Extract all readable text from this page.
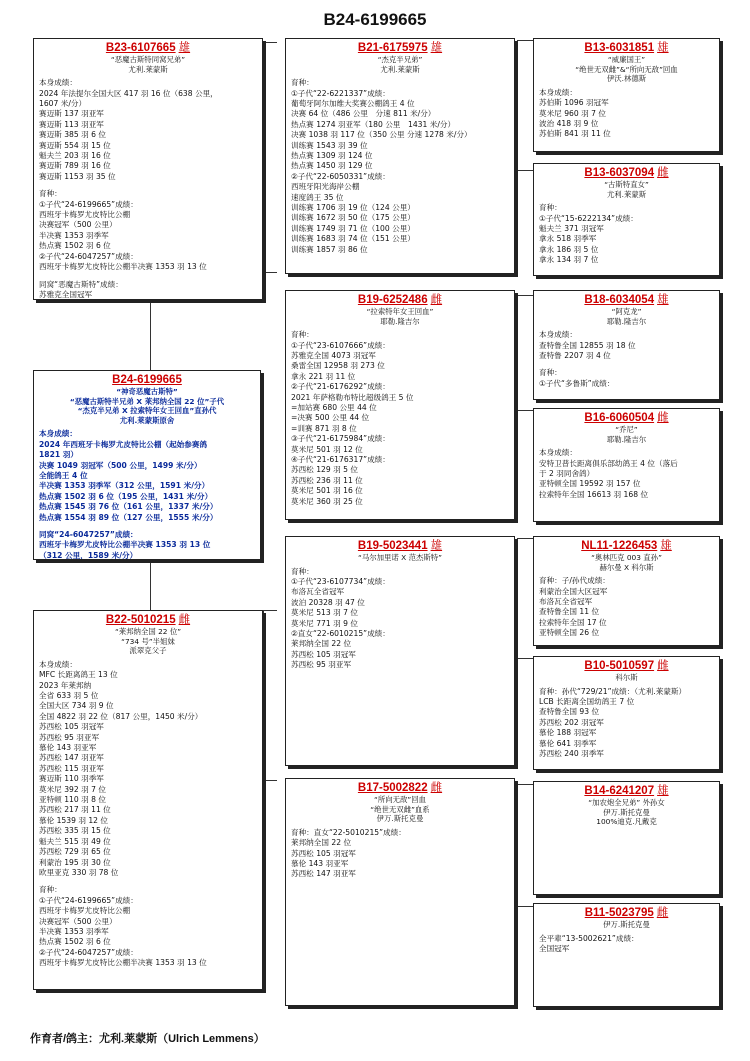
B24-6199665
B23-6107665 雄
“恶魔古斯特同窝兄弟”
尤利.莱蒙斯
本身成绩：
2024 年法提尔全国大区 417 羽 16 位（638 公里，
1607 米/分）
赛迈斯 137 羽亚军
赛迈斯 113 羽亚军
赛迈斯 385 羽 6 位
赛迈斯 554 羽 15 位
魁夫兰 203 羽 16 位
赛迈斯 789 羽 16 位
赛迈斯 1153 羽 35 位
育种：
①子代“24-6199665”成绩：
西班牙卡梅罗尤皮特比公棚
决赛冠军（500 公里）
半决赛 1353 羽季军
热点赛 1502 羽 6 位
②子代“24-6047257”成绩：
西班牙卡梅罗尤皮特比公棚半决赛 1353 羽 13 位
同窝“恶魔古斯特”成绩：
苏雅克全国冠军
B24-6199665
“神奇恶魔古斯特”
“恶魔古斯特半兄弟 X 莱邦纳全国 22 位”子代
“杰克半兄弟 X 拉索特年女王回血”直孙代
尤利.莱蒙斯原舍
本身成绩：
2024 年西班牙卡梅罗尤皮特比公棚（起始参赛鸽
1821 羽）
决赛 1049 羽冠军（500 公里，1499 米/分）
全能鸽王 4 位
半决赛 1353 羽季军（312 公里，1591 米/分）
热点赛 1502 羽 6 位（195 公里，1431 米/分）
热点赛 1545 羽 76 位（161 公里，1337 米/分）
热点赛 1554 羽 89 位（127 公里，1555 米/分）
同窝“24-6047257”成绩：
西班牙卡梅罗尤皮特比公棚半决赛 1353 羽 13 位
（312 公里，1589 米/分）
B22-5010215 雌
“莱邦纳全国 22 位”
“734 号”半姐妹
派翠克父子
本身成绩：
MFC 长距离鸽王 13 位
2023 年莱邦纳
全省 633 羽 5 位
全国大区 734 羽 9 位
全国 4822 羽 22 位（817 公里，1450 米/分）
苏西松 105 羽冠军
苏西松 95 羽亚军
慕伦 143 羽亚军
苏西松 147 羽亚军
苏西松 115 羽亚军
赛迈斯 110 羽季军
莫米尼 392 羽 7 位
亚特顿 110 羽 8 位
苏西松 217 羽 11 位
慕伦 1539 羽 12 位
苏西松 335 羽 15 位
魁夫兰 515 羽 49 位
苏西松 729 羽 65 位
利蒙治 195 羽 30 位
欧里亚克 330 羽 78 位
育种：
①子代“24-6199665”成绩：
西班牙卡梅罗尤皮特比公棚
决赛冠军（500 公里）
半决赛 1353 羽季军
热点赛 1502 羽 6 位
②子代“24-6047257”成绩：
西班牙卡梅罗尤皮特比公棚半决赛 1353 羽 13 位
B21-6175975 雄
“杰克半兄弟”
尤利.莱蒙斯
育种：
①子代“22-6221337”成绩：
葡萄牙阿尔加维大奖赛公棚鸽王 4 位
决赛 64 位（486 公里　分速 811 米/分）
热点赛 1274 羽亚军（180 公里　1431 米/分）
决赛 1038 羽 117 位（350 公里 分速 1278 米/分）
训练赛 1543 羽 39 位
热点赛 1309 羽 124 位
热点赛 1450 羽 129 位
②子代“22-6050331”成绩：
西班牙阳光海岸公棚
速度鸽王 35 位
训练赛 1706 羽 19 位（124 公里）
训练赛 1672 羽 50 位（175 公里）
训练赛 1749 羽 71 位（100 公里）
训练赛 1683 羽 74 位（151 公里）
训练赛 1857 羽 86 位
B19-6252486 雌
“拉索特年女王回血”
耶勒.隆吉尔
育种：
①子代“23-6107666”成绩：
苏雅克全国 4073 羽冠军
桑雷全国 12958 羽 273 位
拿永 221 羽 11 位
②子代“21-6176292”成绩：
2021 年萨格勒布特比超级鸽王 5 位
=加站赛 680 公里 44 位
=决赛 500 公里 44 位
=训赛 871 羽 8 位
③子代“21-6175984”成绩：
莫米尼 501 羽 12 位
④子代“21-6176317”成绩：
苏西松 129 羽 5 位
苏西松 236 羽 11 位
莫米尼 501 羽 16 位
莫米尼 360 羽 25 位
B19-5023441 雄
“马尔加里诺 X 范杰斯特”
育种：
①子代“23-6107734”成绩：
布洛瓦全省冠军
波泊 20328 羽 47 位
莫米尼 513 羽 7 位
莫米尼 771 羽 9 位
②直女“22-6010215”成绩：
莱邦纳全国 22 位
苏西松 105 羽冠军
苏西松 95 羽亚军
B17-5002822 雌
“所向无敌”回血
“绝世无双雌”血系
伊万.斯托克曼
育种：直女“22-5010215”成绩：
莱邦纳全国 22 位
苏西松 105 羽冠军
慕伦 143 羽亚军
苏西松 147 羽亚军
B13-6031851 雄
“威廉国王”
“绝世无双雌”&“所向无敌”回血
伊沃.林德斯
本身成绩：
苏伯斯 1096 羽冠军
莫米尼 960 羽 7 位
波治 418 羽 9 位
苏伯斯 841 羽 11 位
B13-6037094 雌
“古斯特直女”
尤利.莱蒙斯
育种：
①子代“15-6222134”成绩：
魁夫兰 371 羽冠军
拿永 518 羽季军
拿永 186 羽 5 位
拿永 134 羽 7 位
B18-6034054 雄
“阿克龙”
耶勒.隆吉尔
本身成绩：
查特鲁全国 12855 羽 18 位
查特鲁 2207 羽 4 位
育种：
①子代“多鲁斯”成绩：
B16-6060504 雌
“乔尼”
耶勒.隆吉尔
本身成绩：
安特卫普长距离俱乐部幼鸽王 4 位（落后
于 2 羽同舍鸽）
亚特顿全国 19592 羽 157 位
拉索特年全国 16613 羽 168 位
NL11-1226453 雄
“奥林匹克 003 直孙”
赫尔曼 X 科尔斯
育种：子/孙代成绩：
利蒙治全国大区冠军
布洛瓦全省冠军
查特鲁全国 11 位
拉索特年全国 17 位
亚特顿全国 26 位
B10-5010597 雌
科尔斯
育种：孙代“729/21”成绩：（尤利.莱蒙斯）
LCB 长距离全国幼鸽王 7 位
查特鲁全国 93 位
苏西松 202 羽冠军
慕伦 188 羽冠军
慕伦 641 羽季军
苏西松 240 羽季军
B14-6241207 雄
“加农炮全兄弟” 外孙女
伊万.斯托克曼
100%迪克.凡戴克
B11-5023795 雌
伊万.斯托克曼
全平辈“13-5002621”成绩：
全国冠军
作育者/鸽主：尤利.莱蒙斯（Ulrich Lemmens）
